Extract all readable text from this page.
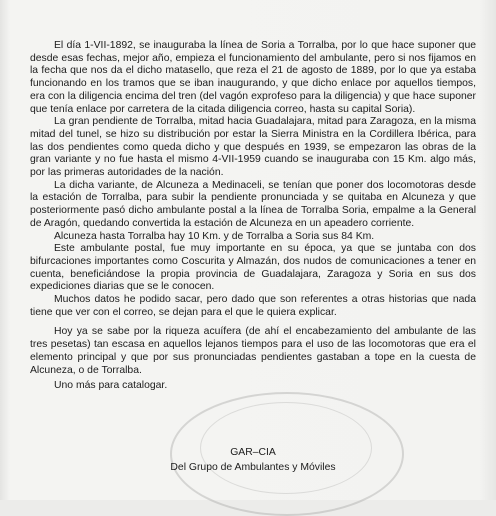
El día 1-VII-1892, se inauguraba la línea de Soria a Torralba, por lo que hace suponer que desde esas fechas, mejor año, empieza el funcionamiento del ambulante, pero si nos fijamos en la fecha que nos da el dicho matasello, que reza el 21 de agosto de 1889, por lo que ya estaba funcionando en los tramos que se iban inaugurando, y que dicho enlace por aquellos tiempos, era con la diligencia encima del tren (del vagón exprofeso para la diligencia) y que hace suponer que tenía enlace por carretera de la citada diligencia correo, hasta su capital Soria).

La gran pendiente de Torralba, mitad hacia Guadalajara, mitad para Zaragoza, en la misma mitad del tunel, se hizo su distribución por estar la Sierra Ministra en la Cordillera Ibérica, para las dos pendientes como queda dicho y que después en 1939, se empezaron las obras de la gran variante y no fue hasta el mismo 4-VII-1959 cuando se inauguraba con 15 Km. algo más, por las primeras autoridades de la nación.

La dicha variante, de Alcuneza a Medinaceli, se tenían que poner dos locomotoras desde la estación de Torralba, para subir la pendiente pronunciada y se quitaba en Alcuneza y que posteriormente pasó dicho ambulante postal a la línea de Torralba Soria, empalme a la General de Aragón, quedando convertida la estación de Alcuneza en un apeadero corriente.

Alcuneza hasta Torralba hay 10 Km. y de Torralba a Soria sus 84 Km.

Este ambulante postal, fue muy importante en su época, ya que se juntaba con dos bifurcaciones importantes como Coscurita y Almazán, dos nudos de comunicaciones a tener en cuenta, beneficiándose la propia provincia de Guadalajara, Zaragoza y Soria en sus dos expediciones diarias que se le conocen.

Muchos datos he podido sacar, pero dado que son referentes a otras historias que nada tiene que ver con el correo, se dejan para el que le quiera explicar.

Hoy ya se sabe por la riqueza acuífera (de ahí el encabezamiento del ambulante de las tres pesetas) tan escasa en aquellos lejanos tiempos para el uso de las locomotoras que era el elemento principal y que por sus pronunciadas pendientes gastaban a tope en la cuesta de Alcuneza, o de Torralba.

Uno más para catalogar.

GAR–CIA
Del Grupo de Ambulantes y Móviles
